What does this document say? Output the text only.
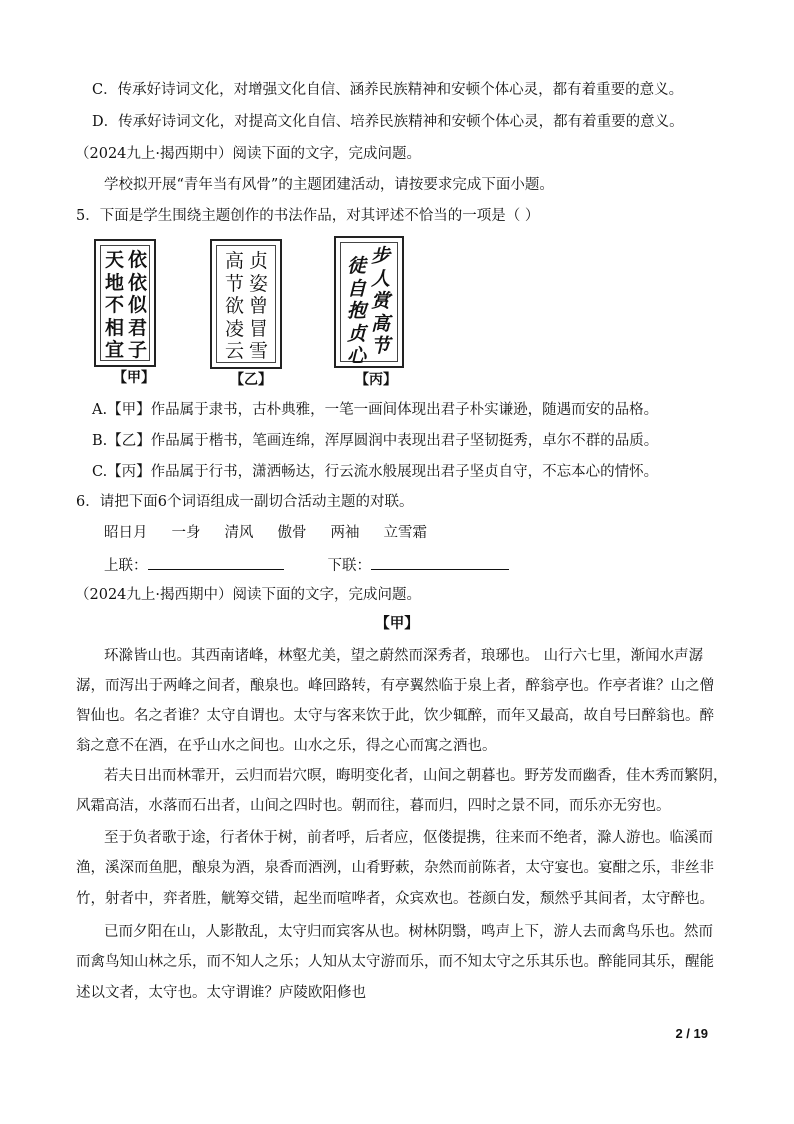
C．传承好诗词文化，对增强文化自信、涵养民族精神和安顿个体心灵，都有着重要的意义。
D．传承好诗词文化，对提高文化自信、培养民族精神和安顿个体心灵，都有着重要的意义。
（2024九上·揭西期中）阅读下面的文字，完成问题。
学校拟开展“青年当有风骨”的主题团建活动，请按要求完成下面小题。
5．下面是学生围绕主题创作的书法作品，对其评述不恰当的一项是（ ）
天
地
不
相
宜
依
依
似
君
子
【甲】
高
节
欲
凌
云
贞
姿
曾
冒
雪
【乙】
徒
自
抱
贞
心
步
人
赏
高
节
【丙】
A.【甲】作品属于隶书，古朴典雅，一笔一画间体现出君子朴实谦逊，随遇而安的品格。
B.【乙】作品属于楷书，笔画连绵，浑厚圆润中表现出君子坚韧挺秀，卓尔不群的品质。
C.【丙】作品属于行书，潇洒畅达，行云流水般展现出君子坚贞自守，不忘本心的情怀。
6．请把下面6个词语组成一副切合活动主题的对联。
昭日月 一身 清风 傲骨 两袖 立雪霜
上联：	下联：
（2024九上·揭西期中）阅读下面的文字，完成问题。
【甲】
环滁皆山也。其西南诸峰，林壑尤美，望之蔚然而深秀者，琅琊也。 山行六七里，渐闻水声潺
潺，而泻出于两峰之间者，酿泉也。峰回路转，有亭翼然临于泉上者，醉翁亭也。作亭者谁？山之僧
智仙也。名之者谁？太守自谓也。太守与客来饮于此，饮少辄醉，而年又最高，故自号曰醉翁也。醉
翁之意不在酒，在乎山水之间也。山水之乐，得之心而寓之酒也。
若夫日出而林霏开，云归而岩穴暝，晦明变化者，山间之朝暮也。野芳发而幽香，佳木秀而繁阴，
风霜高洁，水落而石出者，山间之四时也。朝而往，暮而归，四时之景不同，而乐亦无穷也。
至于负者歌于途，行者休于树，前者呼，后者应，伛偻提携，往来而不绝者，滁人游也。临溪而
渔，溪深而鱼肥，酿泉为酒，泉香而酒洌，山肴野蔌，杂然而前陈者，太守宴也。宴酣之乐，非丝非
竹，射者中，弈者胜，觥筹交错，起坐而喧哗者，众宾欢也。苍颜白发，颓然乎其间者，太守醉也。
已而夕阳在山，人影散乱，太守归而宾客从也。树林阴翳，鸣声上下，游人去而禽鸟乐也。然而
而禽鸟知山林之乐，而不知人之乐；人知从太守游而乐，而不知太守之乐其乐也。醉能同其乐，醒能
述以文者，太守也。太守谓谁？庐陵欧阳修也
2 / 19
